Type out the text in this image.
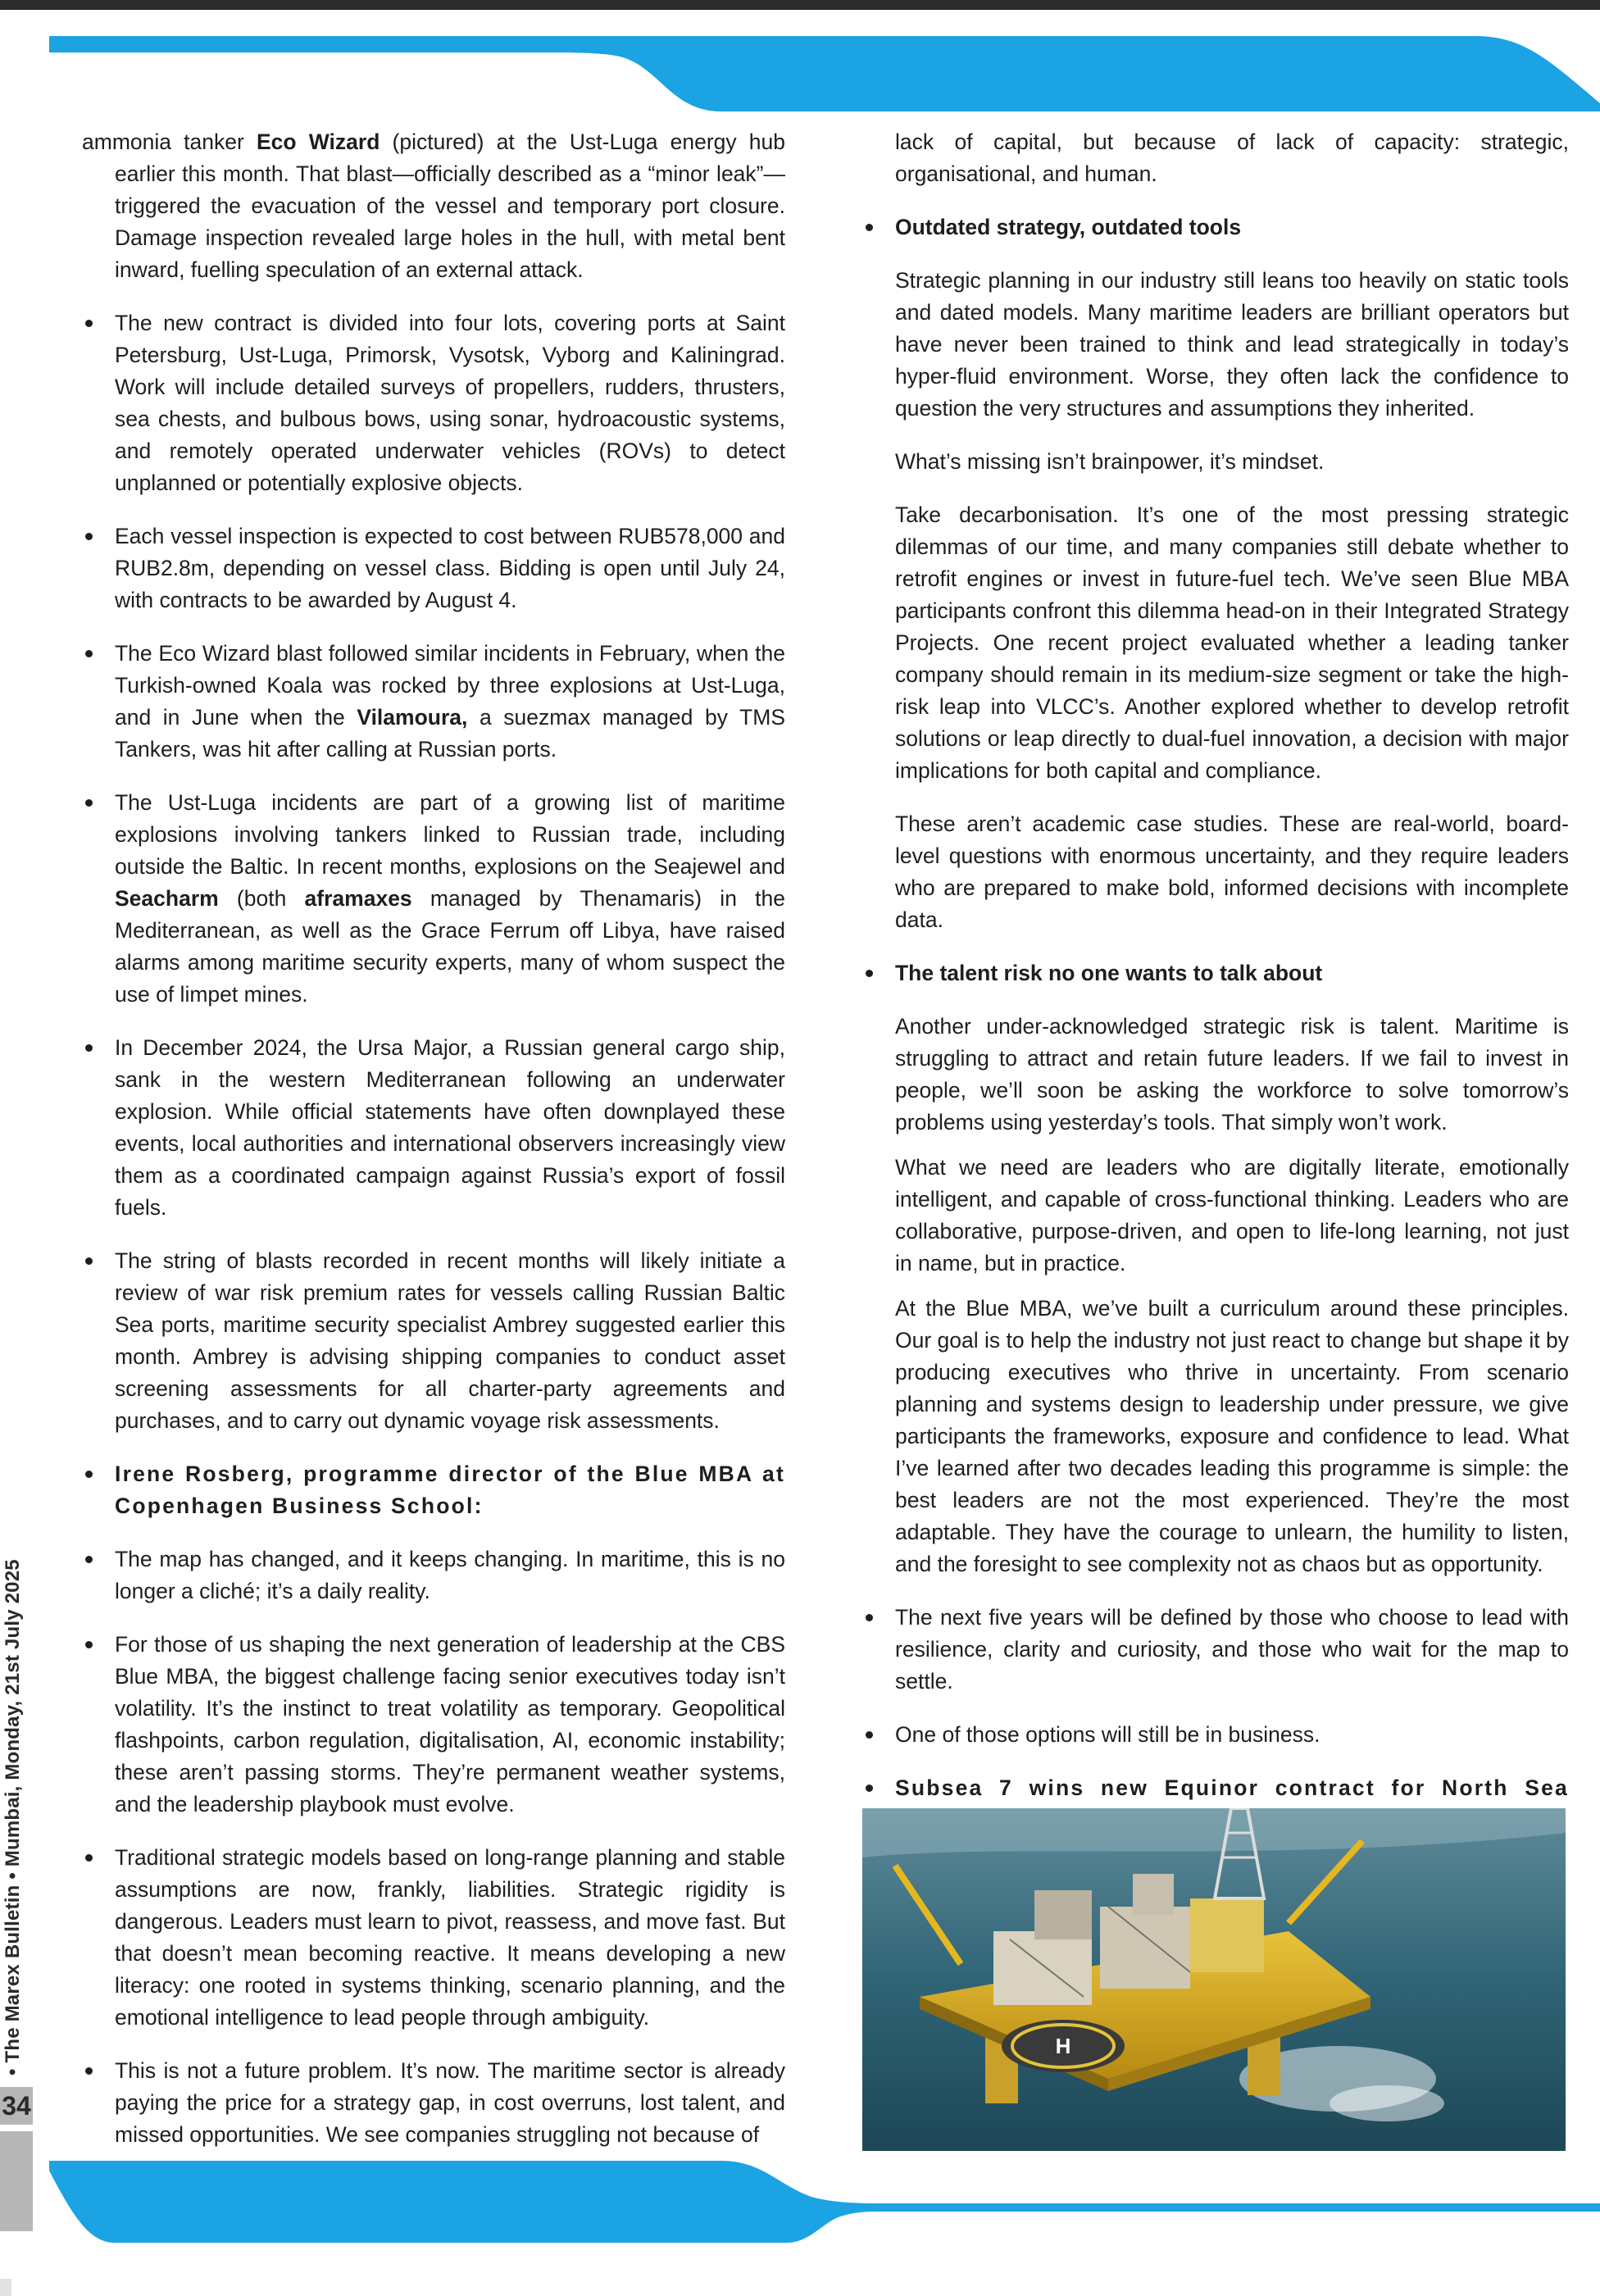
34
• The Marex Bulletin • Mumbai, Monday, 21st July 2025

ammonia tanker Eco Wizard (pictured) at the Ust-Luga energy hub earlier this month. That blast—officially described as a “minor leak”—triggered the evacuation of the vessel and temporary port closure. Damage inspection revealed large holes in the hull, with metal bent inward, fuelling speculation of an external attack.

The new contract is divided into four lots, covering ports at Saint Petersburg, Ust-Luga, Primorsk, Vysotsk, Vyborg and Kaliningrad. Work will include detailed surveys of propellers, rudders, thrusters, sea chests, and bulbous bows, using sonar, hydroacoustic systems, and remotely operated underwater vehicles (ROVs) to detect unplanned or potentially explosive objects.

Each vessel inspection is expected to cost between RUB578,000 and RUB2.8m, depending on vessel class. Bidding is open until July 24, with contracts to be awarded by August 4.

The Eco Wizard blast followed similar incidents in February, when the Turkish-owned Koala was rocked by three explosions at Ust-Luga, and in June when the Vilamoura, a suezmax managed by TMS Tankers, was hit after calling at Russian ports.

The Ust-Luga incidents are part of a growing list of maritime explosions involving tankers linked to Russian trade, including outside the Baltic. In recent months, explosions on the Seajewel and Seacharm (both aframaxes managed by Thenamaris) in the Mediterranean, as well as the Grace Ferrum off Libya, have raised alarms among maritime security experts, many of whom suspect the use of limpet mines.

In December 2024, the Ursa Major, a Russian general cargo ship, sank in the western Mediterranean following an underwater explosion. While official statements have often downplayed these events, local authorities and international observers increasingly view them as a coordinated campaign against Russia’s export of fossil fuels.

The string of blasts recorded in recent months will likely initiate a review of war risk premium rates for vessels calling Russian Baltic Sea ports, maritime security specialist Ambrey suggested earlier this month. Ambrey is advising shipping companies to conduct asset screening assessments for all charter-party agreements and purchases, and to carry out dynamic voyage risk assessments.

Irene Rosberg, programme director of the Blue MBA at Copenhagen Business School:

The map has changed, and it keeps changing. In maritime, this is no longer a cliché; it’s a daily reality.

For those of us shaping the next generation of leadership at the CBS Blue MBA, the biggest challenge facing senior executives today isn’t volatility. It’s the instinct to treat volatility as temporary. Geopolitical flashpoints, carbon regulation, digitalisation, AI, economic instability; these aren’t passing storms. They’re permanent weather systems, and the leadership playbook must evolve.

Traditional strategic models based on long-range planning and stable assumptions are now, frankly, liabilities. Strategic rigidity is dangerous. Leaders must learn to pivot, reassess, and move fast. But that doesn’t mean becoming reactive. It means developing a new literacy: one rooted in systems thinking, scenario planning, and the emotional intelligence to lead people through ambiguity.

This is not a future problem. It’s now. The maritime sector is already paying the price for a strategy gap, in cost overruns, lost talent, and missed opportunities. We see companies struggling not because of

lack of capital, but because of lack of capacity: strategic, organisational, and human.

Outdated strategy, outdated tools

Strategic planning in our industry still leans too heavily on static tools and dated models. Many maritime leaders are brilliant operators but have never been trained to think and lead strategically in today’s hyper-fluid environment. Worse, they often lack the confidence to question the very structures and assumptions they inherited.

What’s missing isn’t brainpower, it’s mindset.

Take decarbonisation. It’s one of the most pressing strategic dilemmas of our time, and many companies still debate whether to retrofit engines or invest in future-fuel tech. We’ve seen Blue MBA participants confront this dilemma head-on in their Integrated Strategy Projects. One recent project evaluated whether a leading tanker company should remain in its medium-size segment or take the high-risk leap into VLCC’s. Another explored whether to develop retrofit solutions or leap directly to dual-fuel innovation, a decision with major implications for both capital and compliance.

These aren’t academic case studies. These are real-world, board-level questions with enormous uncertainty, and they require leaders who are prepared to make bold, informed decisions with incomplete data.

The talent risk no one wants to talk about

Another under-acknowledged strategic risk is talent. Maritime is struggling to attract and retain future leaders. If we fail to invest in people, we’ll soon be asking the workforce to solve tomorrow’s problems using yesterday’s tools. That simply won’t work.

What we need are leaders who are digitally literate, emotionally intelligent, and capable of cross-functional thinking. Leaders who are collaborative, purpose-driven, and open to life-long learning, not just in name, but in practice.

At the Blue MBA, we’ve built a curriculum around these principles. Our goal is to help the industry not just react to change but shape it by producing executives who thrive in uncertainty. From scenario planning and systems design to leadership under pressure, we give participants the frameworks, exposure and confidence to lead. What I’ve learned after two decades leading this programme is simple: the best leaders are not the most experienced. They’re the most adaptable. They have the courage to unlearn, the humility to listen, and the foresight to see complexity not as chaos but as opportunity.

The next five years will be defined by those who choose to lead with resilience, clarity and curiosity, and those who wait for the map to settle.

One of those options will still be in business.

Subsea 7 wins new Equinor contract for North Sea

H
